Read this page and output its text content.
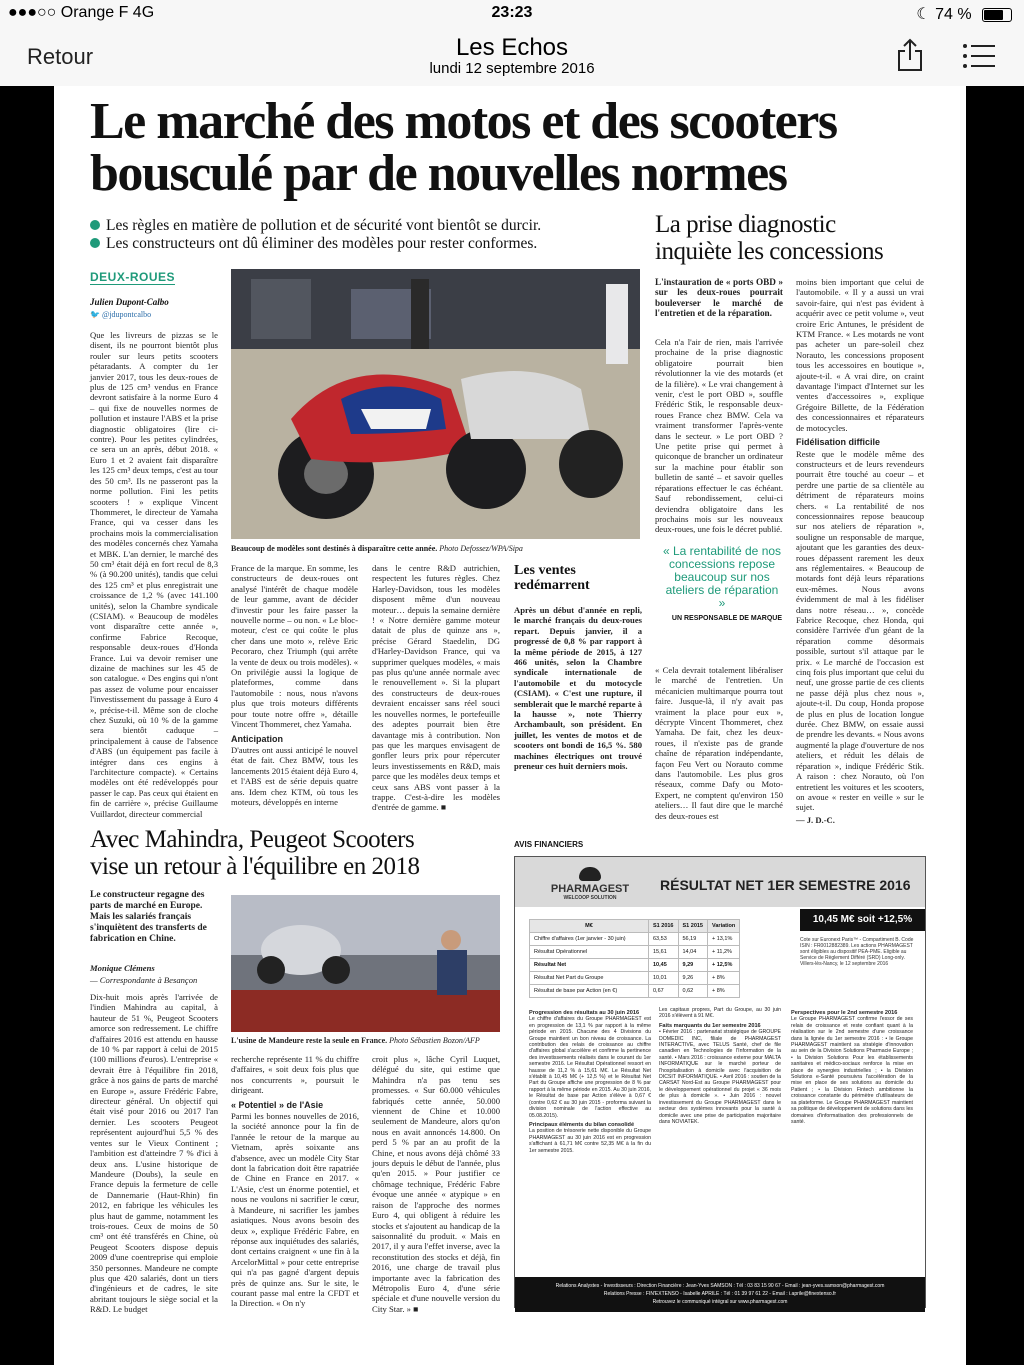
●●●○○ Orange F 4G	23:23	☾ 74 %
Retour	Les Echos
lundi 12 septembre 2016
Le marché des motos et des scooters
bousculé par de nouvelles normes
Les règles en matière de pollution et de sécurité vont bientôt se durcir.
Les constructeurs ont dû éliminer des modèles pour rester conformes.
DEUX-ROUES
Julien Dupont-Calbo
🐦 @jdupontcalbo

Que les livreurs de pizzas se le disent, ils ne pourront bientôt plus rouler sur leurs petits scooters pétaradants. A compter du 1er janvier 2017, tous les deux-roues de plus de 125 cm³ vendus en France devront satisfaire à la norme Euro 4 – qui fixe de nouvelles normes de pollution et instaure l'ABS et la prise diagnostic obligatoires (lire ci-contre). Pour les petites cylindrées, ce sera un an après, début 2018. « Euro 1 et 2 avaient fait disparaître les 125 cm³ deux temps, c'est au tour des 50 cm³. Ils ne passeront pas la norme pollution. Fini les petits scooters ! » explique Vincent Thommeret, le directeur de Yamaha France, qui va cesser dans les prochains mois la commercialisation des modèles concernés chez Yamaha et MBK. L'an dernier, le marché des 50 cm³ était déjà en fort recul de 8,3 % (à 90.200 unités), tandis que celui des 125 cm³ et plus enregistrait une croissance de 1,2 % (avec 141.100 unités), selon la Chambre syndicale (CSIAM). « Beaucoup de modèles vont disparaître cette année », confirme Fabrice Recoque, responsable deux-roues d'Honda France. Lui va devoir remiser une dizaine de machines sur les 45 de son catalogue. « Des engins qui n'ont pas assez de volume pour encaisser l'investissement du passage à Euro 4 », précise-t-il. Même son de cloche chez Suzuki, où 10 % de la gamme sera bientôt caduque – principalement à cause de l'absence d'ABS (un équipement pas facile à intégrer dans ces engins à l'architecture compacte). « Certains modèles ont été redéveloppés pour passer le cap. Pas ceux qui étaient en fin de carrière », précise Guillaume Vuillardot, directeur commercial

Beaucoup de modèles sont destinés à disparaître cette année. Photo Defossez/WPA/Sipa

France de la marque. En somme, les constructeurs de deux-roues ont analysé l'intérêt de chaque modèle de leur gamme, avant de décider d'investir pour les faire passer la nouvelle norme – ou non. « Le bloc-moteur, c'est ce qui coûte le plus cher dans une moto », relève Eric Pecoraro, chez Triumph (qui arrête la vente de deux ou trois modèles). « On privilégie aussi la logique de plateformes, comme dans l'automobile : nous, nous n'avons plus que trois moteurs différents pour toute notre offre », détaille Vincent Thommeret, chez Yamaha.

Anticipation

D'autres ont aussi anticipé le nouvel état de fait. Chez BMW, tous les lancements 2015 étaient déjà Euro 4, et l'ABS est de série depuis quatre ans. Idem chez KTM, où tous les moteurs, développés en interne

dans le centre R&D autrichien, respectent les futures règles. Chez Harley-Davidson, tous les modèles disposent même d'un nouveau moteur… depuis la semaine dernière ! « Notre dernière gamme moteur datait de plus de quinze ans », précise Gérard Staedelin, DG d'Harley-Davidson France, qui va supprimer quelques modèles, « mais pas plus qu'une année normale avec le renouvellement ». Si la plupart des constructeurs de deux-roues devraient encaisser sans réel souci les nouvelles normes, le portefeuille des adeptes pourrait bien être davantage mis à contribution. Non pas que les marques envisagent de gonfler leurs prix pour répercuter leurs investissements en R&D, mais parce que les modèles deux temps et ceux sans ABS vont passer à la trappe. C'est-à-dire les modèles d'entrée de gamme. ■

Les ventes redémarrent

Après un début d'année en repli, le marché français du deux-roues repart. Depuis janvier, il a progressé de 0,8 % par rapport à la même période de 2015, à 127 466 unités, selon la Chambre syndicale internationale de l'automobile et du motocycle (CSIAM). « C'est une rupture, il semblerait que le marché reparte à la hausse », note Thierry Archambault, son président. En juillet, les ventes de motos et de scooters ont bondi de 16,5 %. 580 machines électriques ont trouvé preneur ces huit derniers mois.

La prise diagnostic
inquiète les concessions

L'instauration de « ports OBD » sur les deux-roues pourrait bouleverser le marché de l'entretien et de la réparation.

Cela n'a l'air de rien, mais l'arrivée prochaine de la prise diagnostic obligatoire pourrait bien révolutionner la vie des motards (et de la filière). « Le vrai changement à venir, c'est le port OBD », souffle Frédéric Stik, le responsable deux-roues France chez BMW. Cela va vraiment transformer l'après-vente dans le secteur. » Le port OBD ? Une petite prise qui permet à quiconque de brancher un ordinateur sur la machine pour établir son bulletin de santé – et savoir quelles réparations effectuer le cas échéant. Sauf rebondissement, celui-ci deviendra obligatoire dans les prochains mois sur les nouveaux deux-roues, une fois le décret publié.

« La rentabilité de nos concessions repose beaucoup sur nos ateliers de réparation »
UN RESPONSABLE DE MARQUE

« Cela devrait totalement libéraliser le marché de l'entretien. Un mécanicien multimarque pourra tout faire. Jusque-là, il n'y avait pas vraiment la place pour eux », décrypte Vincent Thommeret, chez Yamaha. De fait, chez les deux-roues, il n'existe pas de grande chaîne de réparation indépendante, façon Feu Vert ou Norauto comme dans l'automobile. Les plus gros réseaux, comme Dafy ou Moto-Expert, ne comptent qu'environ 150 ateliers… Il faut dire que le marché des deux-roues est

moins bien important que celui de l'automobile. « Il y a aussi un vrai savoir-faire, qui n'est pas évident à acquérir avec ce petit volume », veut croire Eric Antunes, le président de KTM France. « Les motards ne vont pas acheter un pare-soleil chez Norauto, les concessions proposent tous les accessoires en boutique », ajoute-t-il. « A vrai dire, on craint davantage l'impact d'Internet sur les ventes d'accessoires », explique Grégoire Billette, de la Fédération des concessionnaires et réparateurs de motocycles.

Fidélisation difficile

Reste que le modèle même des constructeurs et de leurs revendeurs pourrait être touché au coeur – et perdre une partie de sa clientèle au détriment de réparateurs moins chers. « La rentabilité de nos concessionnaires repose beaucoup sur nos ateliers de réparation », souligne un responsable de marque, ajoutant que les garanties des deux-roues dépassent rarement les deux ans réglementaires. « Beaucoup de motards font déjà leurs réparations eux-mêmes. Nous avons évidemment de mal à les fidéliser dans notre réseau… », concède Fabrice Recoque, chez Honda, qui considère l'arrivée d'un géant de la réparation comme désormais possible, surtout s'il attaque par le prix. « Le marché de l'occasion est cinq fois plus important que celui du neuf, une grosse partie de ces clients ne passe déjà plus chez nous », ajoute-t-il. Du coup, Honda propose de plus en plus de location longue durée. Chez BMW, on essaie aussi de prendre les devants. « Nous avons augmenté la plage d'ouverture de nos ateliers, et réduit les délais de réparation », indique Frédéric Stik. A raison : chez Norauto, où l'on entretient les voitures et les scooters, on avoue « rester en veille » sur le sujet.

— J. D.-C.

Avec Mahindra, Peugeot Scooters
vise un retour à l'équilibre en 2018

Le constructeur regagne des parts de marché en Europe. Mais les salariés français s'inquiètent des transferts de fabrication en Chine.

Monique Clémens

— Correspondante à Besançon

Dix-huit mois après l'arrivée de l'indien Mahindra au capital, à hauteur de 51 %, Peugeot Scooters amorce son redressement. Le chiffre d'affaires 2016 est attendu en hausse de 10 % par rapport à celui de 2015 (100 millions d'euros). L'entreprise « devrait être à l'équilibre fin 2018, grâce à nos gains de parts de marché en Europe », assure Frédéric Fabre, directeur général. Un objectif qui était visé pour 2016 ou 2017 l'an dernier. Les scooters Peugeot représentent aujourd'hui 5,5 % des ventes sur le Vieux Continent ; l'ambition est d'atteindre 7 % d'ici à deux ans. L'usine historique de Mandeure (Doubs), la seule en France depuis la fermeture de celle de Dannemarie (Haut-Rhin) fin 2012, en fabrique les véhicules les plus haut de gamme, notamment les trois-roues. Ceux de moins de 50 cm³ ont été transférés en Chine, où Peugeot Scooters dispose depuis 2009 d'une coentreprise qui emploie 350 personnes. Mandeure ne compte plus que 420 salariés, dont un tiers d'ingénieurs et de cadres, le site abritant toujours le siège social et la R&D. Le budget

L'usine de Mandeure reste la seule en France. Photo Sébastien Bozon/AFP

recherche représente 11 % du chiffre d'affaires, « soit deux fois plus que nos concurrents », poursuit le dirigeant.

« Potentiel » de l'Asie

Parmi les bonnes nouvelles de 2016, la société annonce pour la fin de l'année le retour de la marque au Vietnam, après soixante ans d'absence, avec un modèle City Star dont la fabrication doit être rapatriée de Chine en France en 2017. « L'Asie, c'est un énorme potentiel, et nous ne voulons ni sacrifier le cœur, à Mandeure, ni sacrifier les jambes asiatiques. Nous avons besoin des deux », explique Frédéric Fabre, en réponse aux inquiétudes des salariés, dont certains craignent « une fin à la ArcelorMittal » pour cette entreprise qui n'a pas gagné d'argent depuis près de quinze ans. Sur le site, le courant passe mal entre la CFDT et la Direction. « On n'y

croit plus », lâche Cyril Luquet, délégué du site, qui estime que Mahindra n'a pas tenu ses promesses. « Sur 60.000 véhicules fabriqués cette année, 50.000 viennent de Chine et 10.000 seulement de Mandeure, alors qu'on nous en avait annoncés 14.800. On perd 5 % par an au profit de la Chine, et nous avons déjà chômé 33 jours depuis le début de l'année, plus qu'en 2015. » Pour justifier ce chômage technique, Frédéric Fabre évoque une année « atypique » en raison de l'approche des normes Euro 4, qui obligent à réduire les stocks et s'ajoutent au handicap de la saisonnalité du produit. « Mais en 2017, il y aura l'effet inverse, avec la reconstitution des stocks et déjà, fin 2016, une charge de travail plus importante avec la fabrication des Métropolis Euro 4, d'une série spéciale et d'une nouvelle version du City Star. » ■

AVIS FINANCIERS
PHARMAGEST
WELCOOP SOLUTION
RÉSULTAT NET 1ER SEMESTRE 2016
10,45 M€ soit +12,5%
M€	S1 2016	S1 2015	Variation
Chiffre d'affaires (1er janvier - 30 juin)	63,53	56,19	+ 13,1%
Résultat Opérationnel	15,61	14,04	+ 11,2%
Résultat Net	10,45	9,29	+ 12,5%
Résultat Net Part du Groupe	10,01	9,26	+ 8%
Résultat de base par Action (en €)	0,67	0,62	+ 8%
Cote sur Euronext Paris™ - Compartiment B. Code ISIN : FR0012882389. Les actions PHARMAGEST sont éligibles au dispositif PEA-PME. Eligible au Service de Règlement Différé (SRD) Long-only. Villers-lès-Nancy, le 12 septembre 2016
Progression des résultats au 30 juin 2016
Le chiffre d'affaires du Groupe PHARMAGEST est en progression de 13,1 % par rapport à la même période en 2015. Chacune des 4 Divisions du Groupe maintient un bon niveau de croissance. La contribution des relais de croissance au chiffre d'affaires global s'accélère et confirme la pertinence des investissements réalisés dans le courant du 1er semestre 2016. Le Résultat Opérationnel ressort en hausse de 11,2 % à 15,61 M€. Le Résultat Net s'établit à 10,45 M€ (+ 12,5 %) et le Résultat Net Part du Groupe affiche une progression de 8 % par rapport à la même période en 2015. Au 30 juin 2016, le Résultat de base par Action s'élève à 0,67 € (contre 0,62 € au 30 juin 2015 - proforma suivant la division nominale de l'action effective au 05.08.2015).
Principaux éléments du bilan consolidé
La position de trésorerie nette disponible du Groupe PHARMAGEST au 30 juin 2016 est en progression s'affichant à 61,71 M€ contre 52,35 M€ à la fin du 1er semestre 2015.
Les capitaux propres, Part du Groupe, au 30 juin 2016 s'élèvent à 91 M€.
Faits marquants du 1er semestre 2016
• Février 2016 : partenariat stratégique de GROUPE DOMEDIC INC, filiale de PHARMAGEST INTERACTIVE, avec TELUS Santé, chef de file canadien en Technologies de l'Information de la santé. • Mars 2016 : croissance externe pour MALTA INFORMATIQUE sur le marché porteur de l'hospitalisation à domicile avec l'acquisition de DICSIT INFORMATIQUE. • Avril 2016 : soutien de la CARSAT Nord-Est au Groupe PHARMAGEST pour le développement opérationnel du projet « 36 mois de plus à domicile ». • Juin 2016 : nouvel investissement du Groupe PHARMAGEST dans le secteur des systèmes innovants pour la santé à domicile avec une prise de participation majoritaire dans NOVIATEK.
Perspectives pour le 2nd semestre 2016
Le Groupe PHARMAGEST confirme l'essor de ses relais de croissance et reste confiant quant à la réalisation sur le 2nd semestre d'une croissance dans la lignée du 1er semestre 2016 : • le Groupe PHARMAGEST maintient sa stratégie d'innovation au sein de la Division Solutions Pharmacie Europe ; • la Division Solutions Pour les établissements sanitaires et médico-sociaux renforce la mise en place de synergies industrielles ; • la Division Solutions e-Santé poursuivra l'accélération de la mise en place de ses solutions au domicile du Patient ; • la Division Fintech ambitionne la croissance constante du périmètre d'utilisateurs de sa plateforme. Le Groupe PHARMAGEST maintient sa politique de développement de solutions dans les domaines d'informatisation des professionnels de santé.
Relations Analystes - Investisseurs : Direction Financière : Jean-Yves SAMSON : Tél : 03 83 15 90 67 - Email : jean-yves.samson@pharmagest.com
Relations Presse : FIN'EXTENSO - Isabelle APRILE : Tél : 01 39 97 61 22 - Email : i.aprile@finextenso.fr
Retrouvez le communiqué intégral sur www.pharmagest.com
